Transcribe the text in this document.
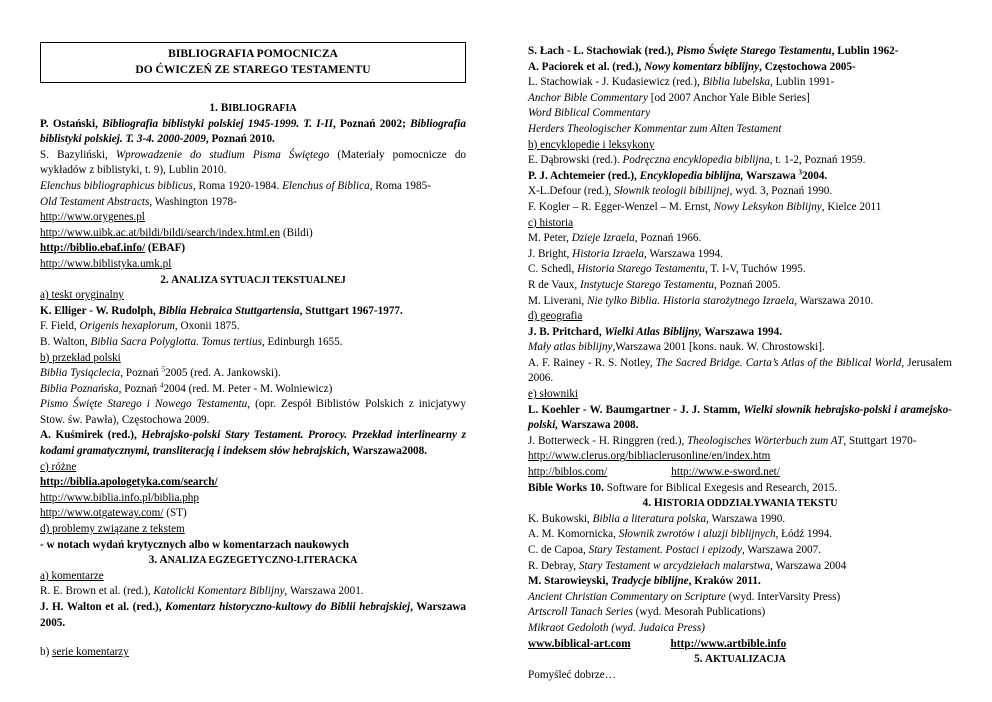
BIBLIOGRAFIA POMOCNICZA
DO ĆWICZEŃ ZE STAREGO TESTAMENTU
1. BIBLIOGRAFIA
P. Ostański, Bibliografia biblistyki polskiej 1945-1999. T. I-II, Poznań 2002; Bibliografia biblistyki polskiej. T. 3-4. 2000-2009, Poznań 2010.
S. Bazyliński, Wprowadzenie do studium Pisma Świętego (Materiały pomocnicze do wykładów z biblistyki, t. 9), Lublin 2010.
Elenchus bibliographicus biblicus, Roma 1920-1984. Elenchus of Biblica, Roma 1985-
Old Testament Abstracts, Washington 1978-
http://www.orygenes.pl
http://www.uibk.ac.at/bildi/bildi/search/index.html.en (Bildi)
http://biblio.ebaf.info/ (EBAF)
http://www.biblistyka.umk.pl
2. ANALIZA SYTUACJI TEKSTUALNEJ
a) teskt oryginalny
K. Elliger - W. Rudolph, Biblia Hebraica Stuttgartensia, Stuttgart 1967-1977.
F. Field, Origenis hexaplorum, Oxonii 1875.
B. Walton, Biblia Sacra Polyglotta. Tomus tertius, Edinburgh 1655.
b) przekład polski
Biblia Tysiąclecia, Poznań $^5$2005 (red. A. Jankowski).
Biblia Poznańska, Poznań $^4$2004 (red. M. Peter - M. Wolniewicz)
Pismo Święte Starego i Nowego Testamentu, (opr. Zespół Biblistów Polskich z inicjatywy Stow. św. Pawła), Częstochowa 2009.
A. Kuśmirek (red.), Hebrajsko-polski Stary Testament. Prorocy. Przekład interlinearny z kodami gramatycznymi, transliteracją i indeksem słów hebrajskich, Warszawa2008.
c) różne
http://biblia.apologetyka.com/search/
http://www.biblia.info.pl/biblia.php
http://www.otgateway.com/ (ST)
d) problemy związane z tekstem
- w notach wydań krytycznych albo w komentarzach naukowych
3. ANALIZA EGZEGETYCZNO-LITERACKA
a) komentarze
R. E. Brown et al. (red.), Katolicki Komentarz Biblijny, Warszawa 2001.
J. H. Walton et al. (red.), Komentarz historyczno-kultowy do Biblii hebrajskiej, Warszawa 2005.
b) serie komentarzy
S. Łach - L. Stachowiak (red.), Pismo Święte Starego Testamentu, Lublin 1962-
A. Paciorek et al. (red.), Nowy komentarz biblijny, Częstochowa 2005-
L. Stachowiak - J. Kudasiewicz (red.), Biblia lubelska, Lublin 1991-
Anchor Bible Commentary [od 2007 Anchor Yale Bible Series]
Word Biblical Commentary
Herders Theologischer Kommentar zum Alten Testament
b) encyklopedie i leksykony
E. Dąbrowski (red.). Podręczna encyklopedia biblijna, t. 1-2, Poznań 1959.
P. J. Achtemeier (red.), Encyklopedia biblijna, Warszawa $^3$2004.
X-L.Defour (red.), Słownik teologii bibilijnej, wyd. 3, Poznań 1990.
F. Kogler – R. Egger-Wenzel – M. Ernst, Nowy Leksykon Biblijny, Kielce 2011
c) historia
M. Peter, Dzieje Izraela, Poznań 1966.
J. Bright, Historia Izraela, Warszawa 1994.
C. Schedl, Historia Starego Testamentu, T. I-V, Tuchów 1995.
R de Vaux, Instytucje Starego Testamentu, Poznań 2005.
M. Liverani, Nie tylko Biblia. Historia starożytnego Izraela, Warszawa 2010.
d) geografia
J. B. Pritchard, Wielki Atlas Biblijny, Warszawa 1994.
Mały atlas biblijny,Warszawa 2001 [kons. nauk. W. Chrostowski].
A. F. Rainey - R. S. Notley, The Sacred Bridge. Carta’s Atlas of the Biblical World, Jerusalem 2006.
e) słowniki
L. Koehler - W. Baumgartner - J. J. Stamm, Wielki słownik hebrajsko-polski i aramejsko-polski, Warszawa 2008.
J. Botterweck - H. Ringgren (red.), Theologisches Wörterbuch zum AT, Stuttgart 1970-
http://www.clerus.org/bibliaclerusonline/en/index.htm
http://biblos.com/	http://www.e-sword.net/
Bible Works 10. Software for Biblical Exegesis and Research, 2015.
4. HISTORIA ODDZIAŁYWANIA TEKSTU
K. Bukowski, Biblia a literatura polska, Warszawa 1990.
A. M. Komornicka, Słownik zwrotów i aluzji biblijnych, Łódź 1994.
C. de Capoa, Stary Testament. Postaci i epizody, Warszawa 2007.
R. Debray, Stary Testament w arcydziełach malarstwa, Warszawa 2004
M. Starowieyski, Tradycje biblijne, Kraków 2011.
Ancient Christian Commentary on Scripture (wyd. InterVarsity Press)
Artscroll Tanach Series (wyd. Mesorah Publications)
Mikraot Gedoloth (wyd. Judaica Press)
www.biblical-art.com	http://www.artbible.info
5. AKTUALIZACJA
Pomyśleć dobrze…
